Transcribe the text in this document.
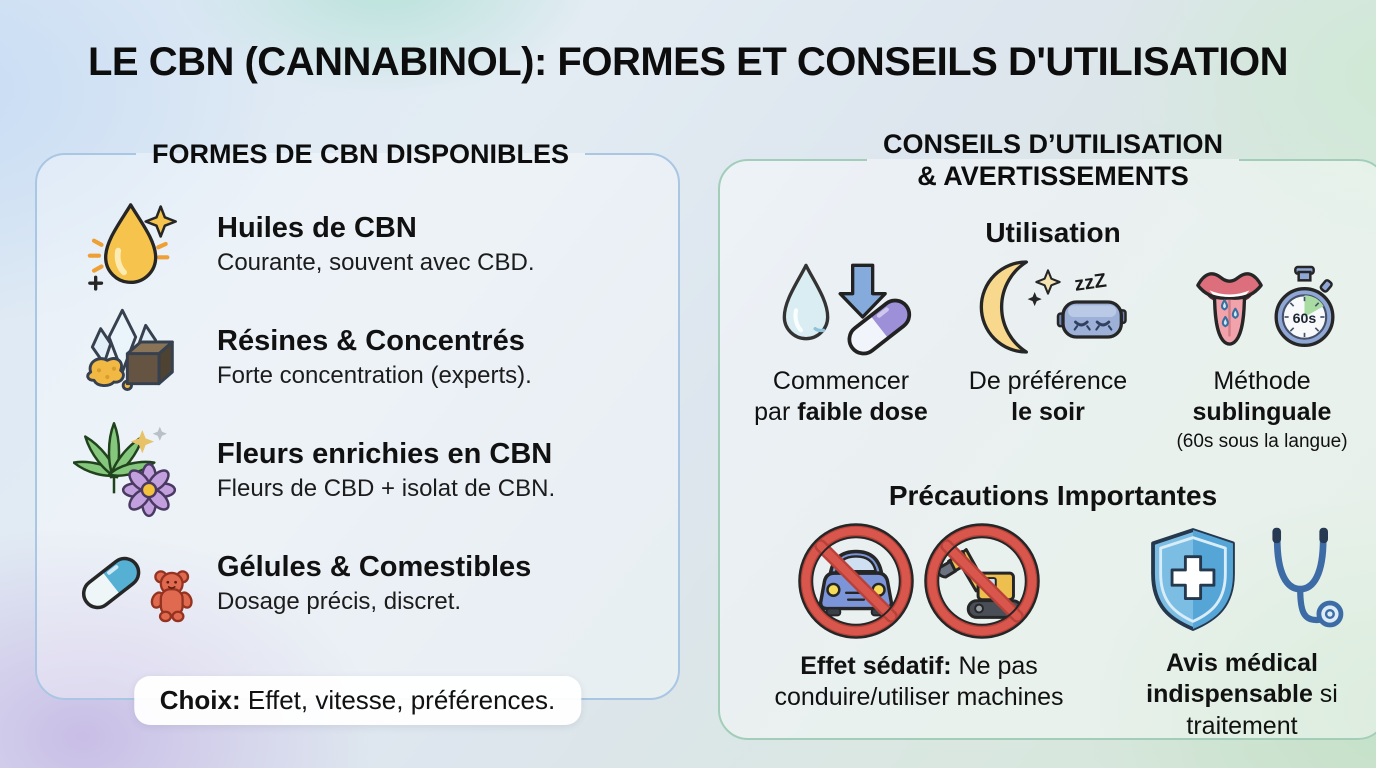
LE CBN (CANNABINOL): FORMES ET CONSEILS D'UTILISATION
FORMES DE CBN DISPONIBLES
Huiles de CBN
Courante, souvent avec CBD.
Résines & Concentrés
Forte concentration (experts).
Fleurs enrichies en CBN
Fleurs de CBD + isolat de CBN.
Gélules & Comestibles
Dosage précis, discret.
Choix: Effet, vitesse, préférences.
CONSEILS D’UTILISATION
& AVERTISSEMENTS
Utilisation
Commencer
par faible dose
zzZ
De préférence
le soir
60s
Méthode
sublinguale
(60s sous la langue)
Précautions Importantes
Effet sédatif: Ne pas conduire/utiliser machines
Avis médical indispensable si traitement
